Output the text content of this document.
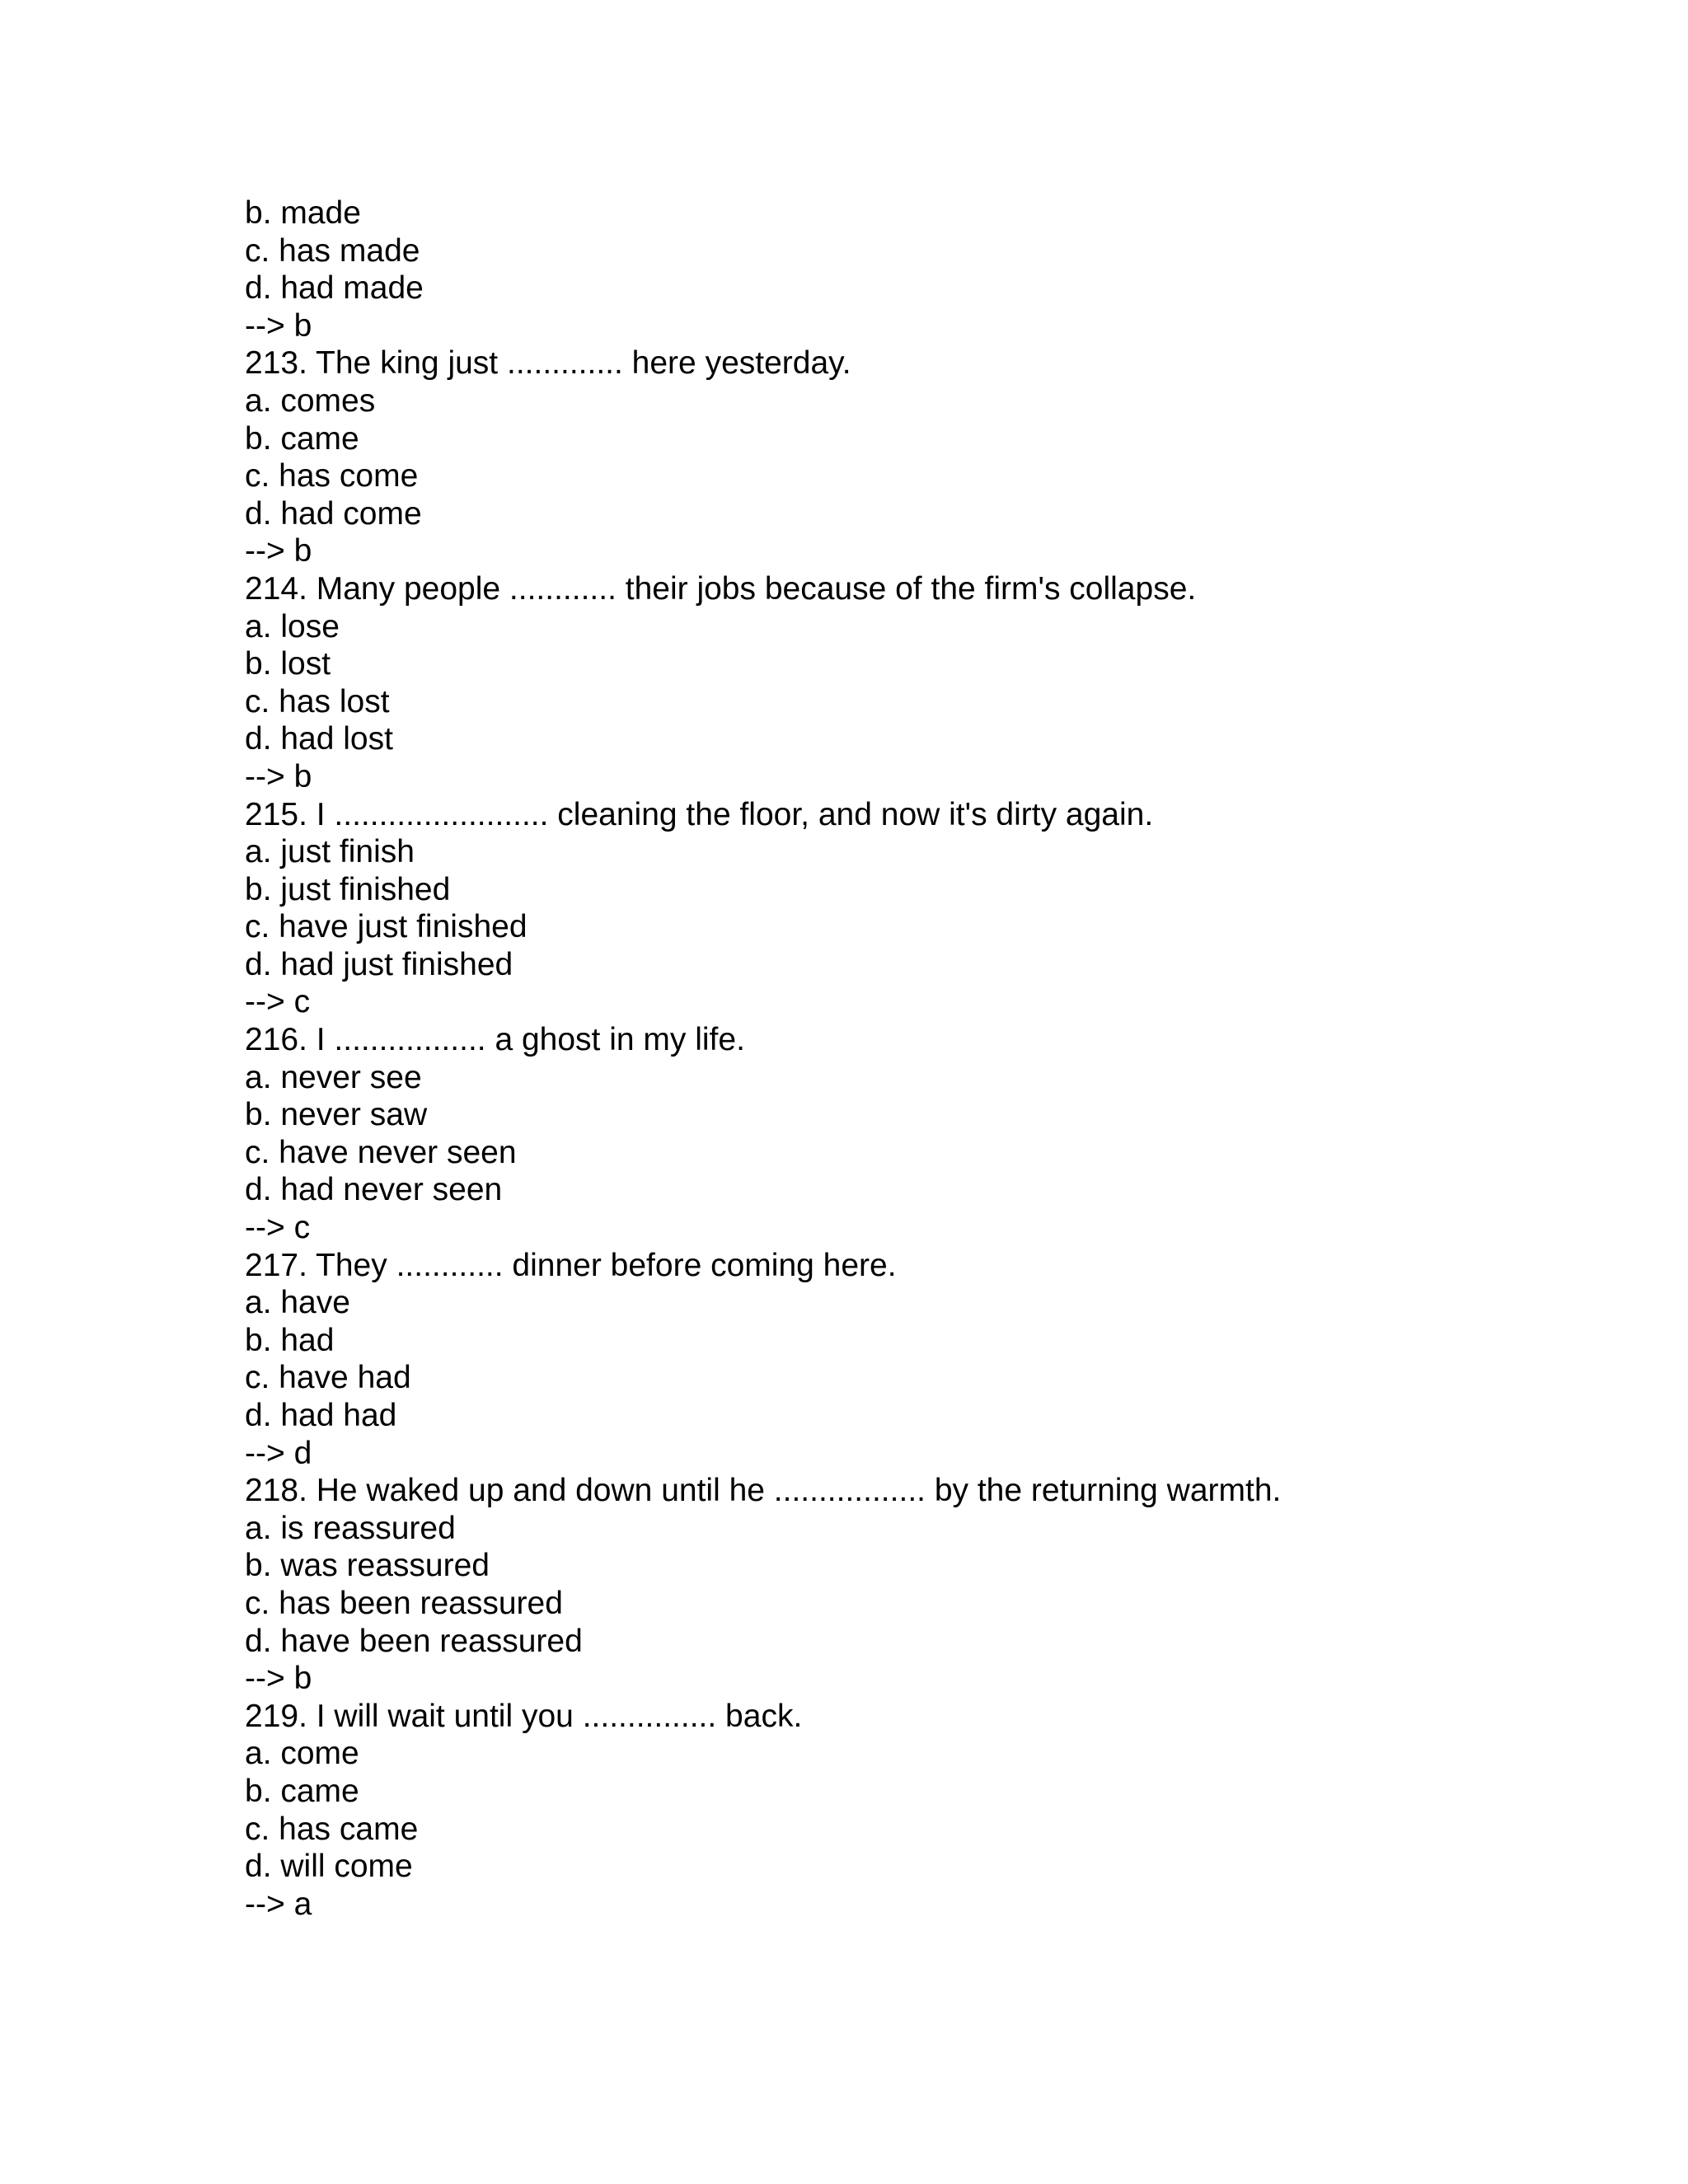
b. made
c. has made
d. had made
--> b
213. The king just ............. here yesterday.
a. comes
b. came
c. has come
d. had come
--> b
214. Many people ............ their jobs because of the firm's collapse.
a. lose
b. lost
c. has lost
d. had lost
--> b
215. I ........................ cleaning the floor, and now it's dirty again.
a. just finish
b. just finished
c. have just finished
d. had just finished
--> c
216. I ................. a ghost in my life.
a. never see
b. never saw
c. have never seen
d. had never seen
--> c
217. They ............ dinner before coming here.
a. have
b. had
c. have had
d. had had
--> d
218. He waked up and down until he ................. by the returning warmth.
a. is reassured
b. was reassured
c. has been reassured
d. have been reassured
--> b
219. I will wait until you ............... back.
a. come
b. came
c. has came
d. will come
--> a
